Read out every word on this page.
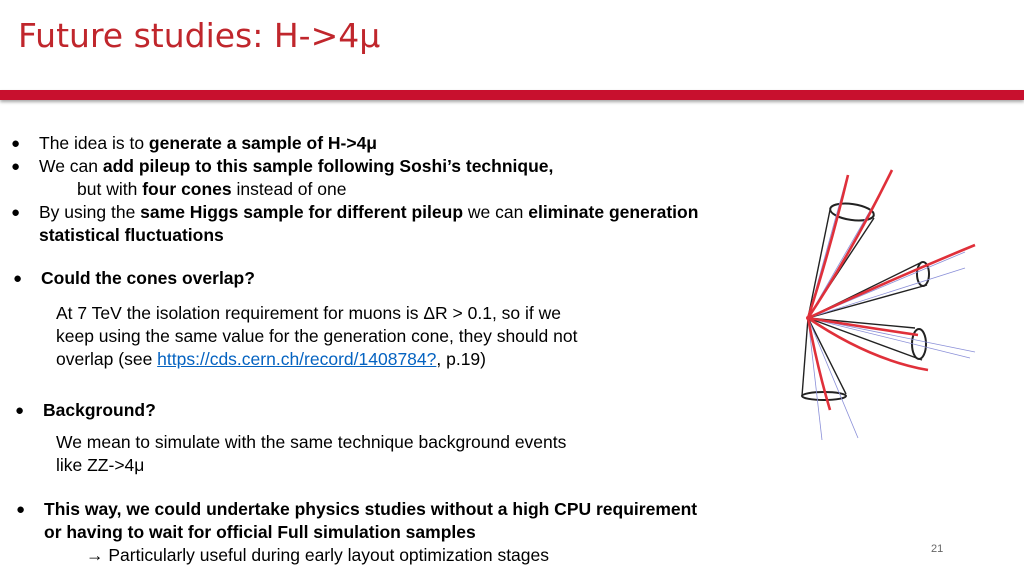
Future studies: H->4μ
● The idea is to generate a sample of H->4μ
● We can add pileup to this sample following Soshi’s technique,
but with four cones instead of one
● By using the same Higgs sample for different pileup we can eliminate generation
statistical fluctuations
● Could the cones overlap?
At 7 TeV the isolation requirement for muons is ΔR > 0.1, so if we
keep using the same value for the generation cone, they should not
overlap (see https://cds.cern.ch/record/1408784?, p.19)
● Background?
We mean to simulate with the same technique background events
like ZZ->4μ
● This way, we could undertake physics studies without a high CPU requirement
or having to wait for official Full simulation samples
→ Particularly useful during early layout optimization stages	21
